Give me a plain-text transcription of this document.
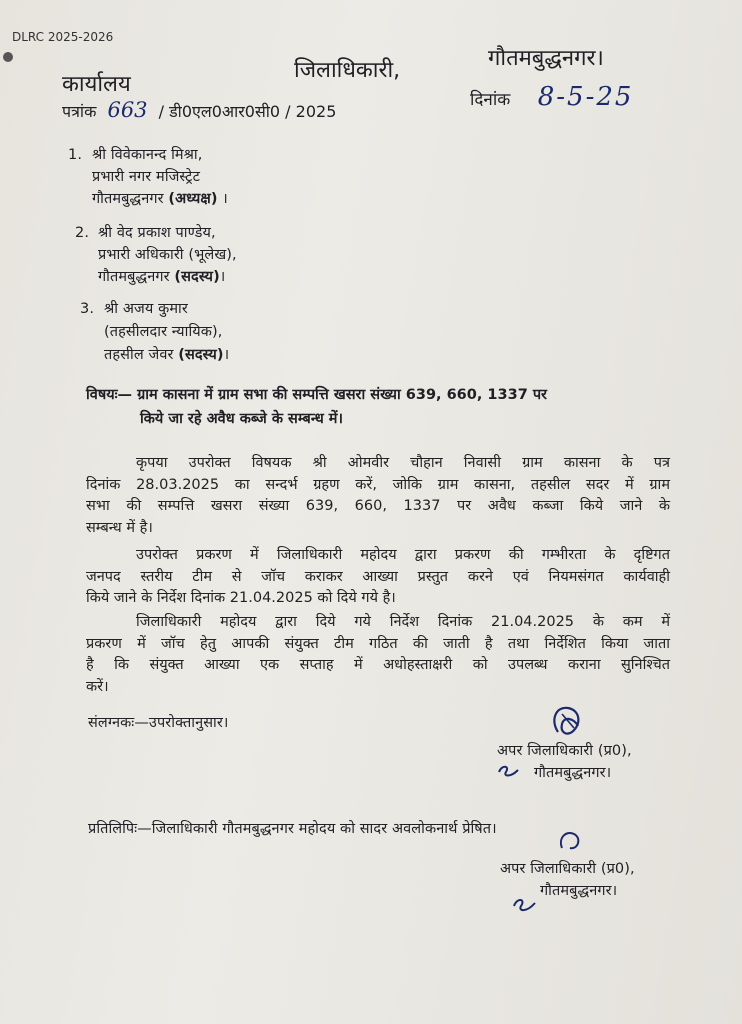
DLRC 2025-2026
कार्यालय
जिलाधिकारी,	गौतमबुद्धनगर।
पत्रांक 663 / डी0एल0आर0सी0 / 2025
दिनांक 8-5-25
1. श्री विवेकानन्द मिश्रा,
प्रभारी नगर मजिस्ट्रेट
गौतमबुद्धनगर (अध्यक्ष) ।
2. श्री वेद प्रकाश पाण्डेय,
प्रभारी अधिकारी (भूलेख),
गौतमबुद्धनगर (सदस्य)।
3. श्री अजय कुमार
(तहसीलदार न्यायिक),
तहसील जेवर (सदस्य)।
विषयः— ग्राम कासना में ग्राम सभा की सम्पत्ति खसरा संख्या 639, 660, 1337 पर
किये जा रहे अवैध कब्जे के सम्बन्ध में।
कृपया उपरोक्त विषयक श्री ओमवीर चौहान निवासी ग्राम कासना के पत्र
दिनांक 28.03.2025 का सन्दर्भ ग्रहण करें, जोकि ग्राम कासना, तहसील सदर में ग्राम
सभा की सम्पत्ति खसरा संख्या 639, 660, 1337 पर अवैध कब्जा किये जाने के
सम्बन्ध में है।
उपरोक्त प्रकरण में जिलाधिकारी महोदय द्वारा प्रकरण की गम्भीरता के दृष्टिगत
जनपद स्तरीय टीम से जॉच कराकर आख्या प्रस्तुत करने एवं नियमसंगत कार्यवाही
किये जाने के निर्देश दिनांक 21.04.2025 को दिये गये है।
जिलाधिकारी महोदय द्वारा दिये गये निर्देश दिनांक 21.04.2025 के कम में
प्रकरण में जॉच हेतु आपकी संयुक्त टीम गठित की जाती है तथा निर्देशित किया जाता
है कि संयुक्त आख्या एक सप्ताह में अधोहस्ताक्षरी को उपलब्ध कराना सुनिश्चित
करें।
संलग्नकः—उपरोक्तानुसार।
अपर जिलाधिकारी (प्र0),
गौतमबुद्धनगर।
प्रतिलिपिः—जिलाधिकारी गौतमबुद्धनगर महोदय को सादर अवलोकनार्थ प्रेषित।
अपर जिलाधिकारी (प्र0),
गौतमबुद्धनगर।
